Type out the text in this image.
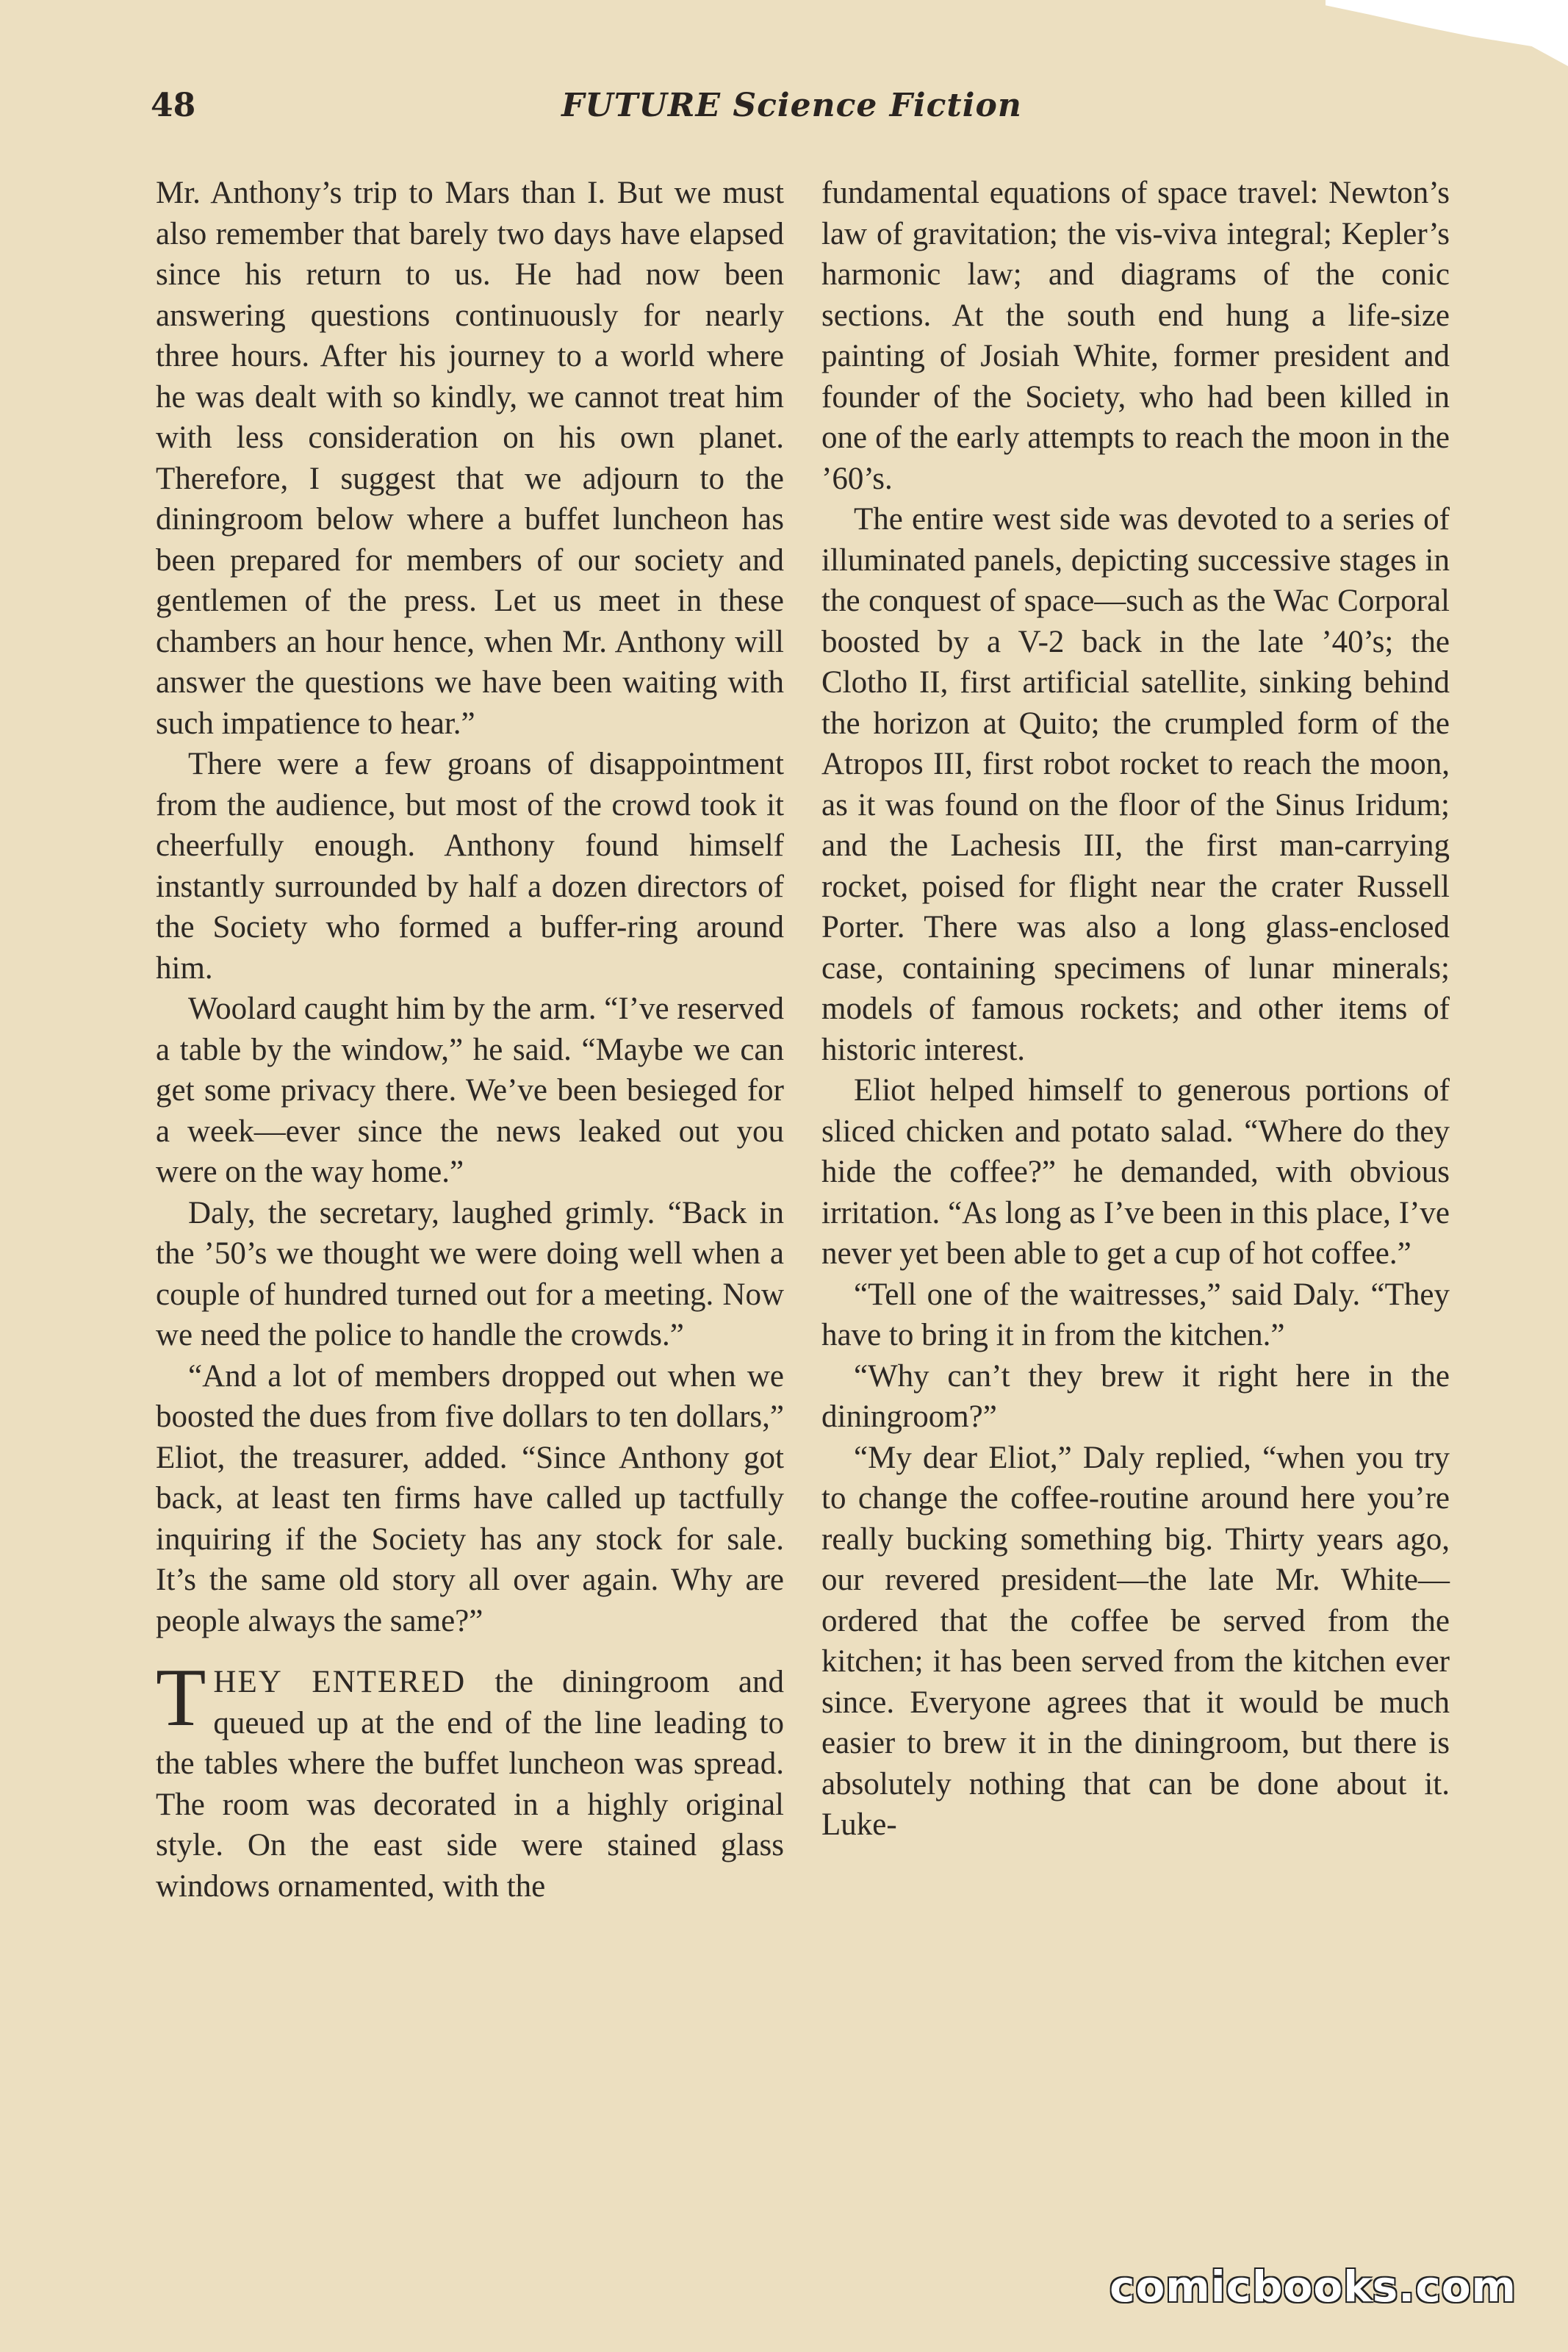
48	FUTURE Science Fiction

Mr. Anthony’s trip to Mars than I. But we must also remember that barely two days have elapsed since his return to us. He had now been answering questions continuously for nearly three hours. After his journey to a world where he was dealt with so kindly, we cannot treat him with less consideration on his own planet. Therefore, I suggest that we adjourn to the diningroom below where a buffet luncheon has been prepared for members of our society and gentlemen of the press. Let us meet in these chambers an hour hence, when Mr. Anthony will answer the questions we have been waiting with such impatience to hear.”

There were a few groans of disappointment from the audience, but most of the crowd took it cheerfully enough. Anthony found himself instantly surrounded by half a dozen directors of the Society who formed a buffer-ring around him.

Woolard caught him by the arm. “I’ve reserved a table by the window,” he said. “Maybe we can get some privacy there. We’ve been besieged for a week—ever since the news leaked out you were on the way home.”

Daly, the secretary, laughed grimly. “Back in the ’50’s we thought we were doing well when a couple of hundred turned out for a meeting. Now we need the police to handle the crowds.”

“And a lot of members dropped out when we boosted the dues from five dollars to ten dollars,” Eliot, the treasurer, added. “Since Anthony got back, at least ten firms have called up tactfully inquiring if the Society has any stock for sale. It’s the same old story all over again. Why are people always the same?”

THEY ENTERED the diningroom and queued up at the end of the line leading to the tables where the buffet luncheon was spread. The room was decorated in a highly original style. On the east side were stained glass windows ornamented, with the

fundamental equations of space travel: Newton’s law of gravitation; the vis-viva integral; Kepler’s harmonic law; and diagrams of the conic sections. At the south end hung a life-size painting of Josiah White, former president and founder of the Society, who had been killed in one of the early attempts to reach the moon in the ’60’s.

The entire west side was devoted to a series of illuminated panels, depicting successive stages in the conquest of space—such as the Wac Corporal boosted by a V-2 back in the late ’40’s; the Clotho II, first artificial satellite, sinking behind the horizon at Quito; the crumpled form of the Atropos III, first robot rocket to reach the moon, as it was found on the floor of the Sinus Iridum; and the Lachesis III, the first man-carrying rocket, poised for flight near the crater Russell Porter. There was also a long glass-enclosed case, containing specimens of lunar minerals; models of famous rockets; and other items of historic interest.

Eliot helped himself to generous portions of sliced chicken and potato salad. “Where do they hide the coffee?” he demanded, with obvious irritation. “As long as I’ve been in this place, I’ve never yet been able to get a cup of hot coffee.”

“Tell one of the waitresses,” said Daly. “They have to bring it in from the kitchen.”

“Why can’t they brew it right here in the diningroom?”

“My dear Eliot,” Daly replied, “when you try to change the coffee-routine around here you’re really bucking something big. Thirty years ago, our revered president—the late Mr. White—ordered that the coffee be served from the kitchen; it has been served from the kitchen ever since. Everyone agrees that it would be much easier to brew it in the diningroom, but there is absolutely nothing that can be done about it. Luke-

comicbooks.com
